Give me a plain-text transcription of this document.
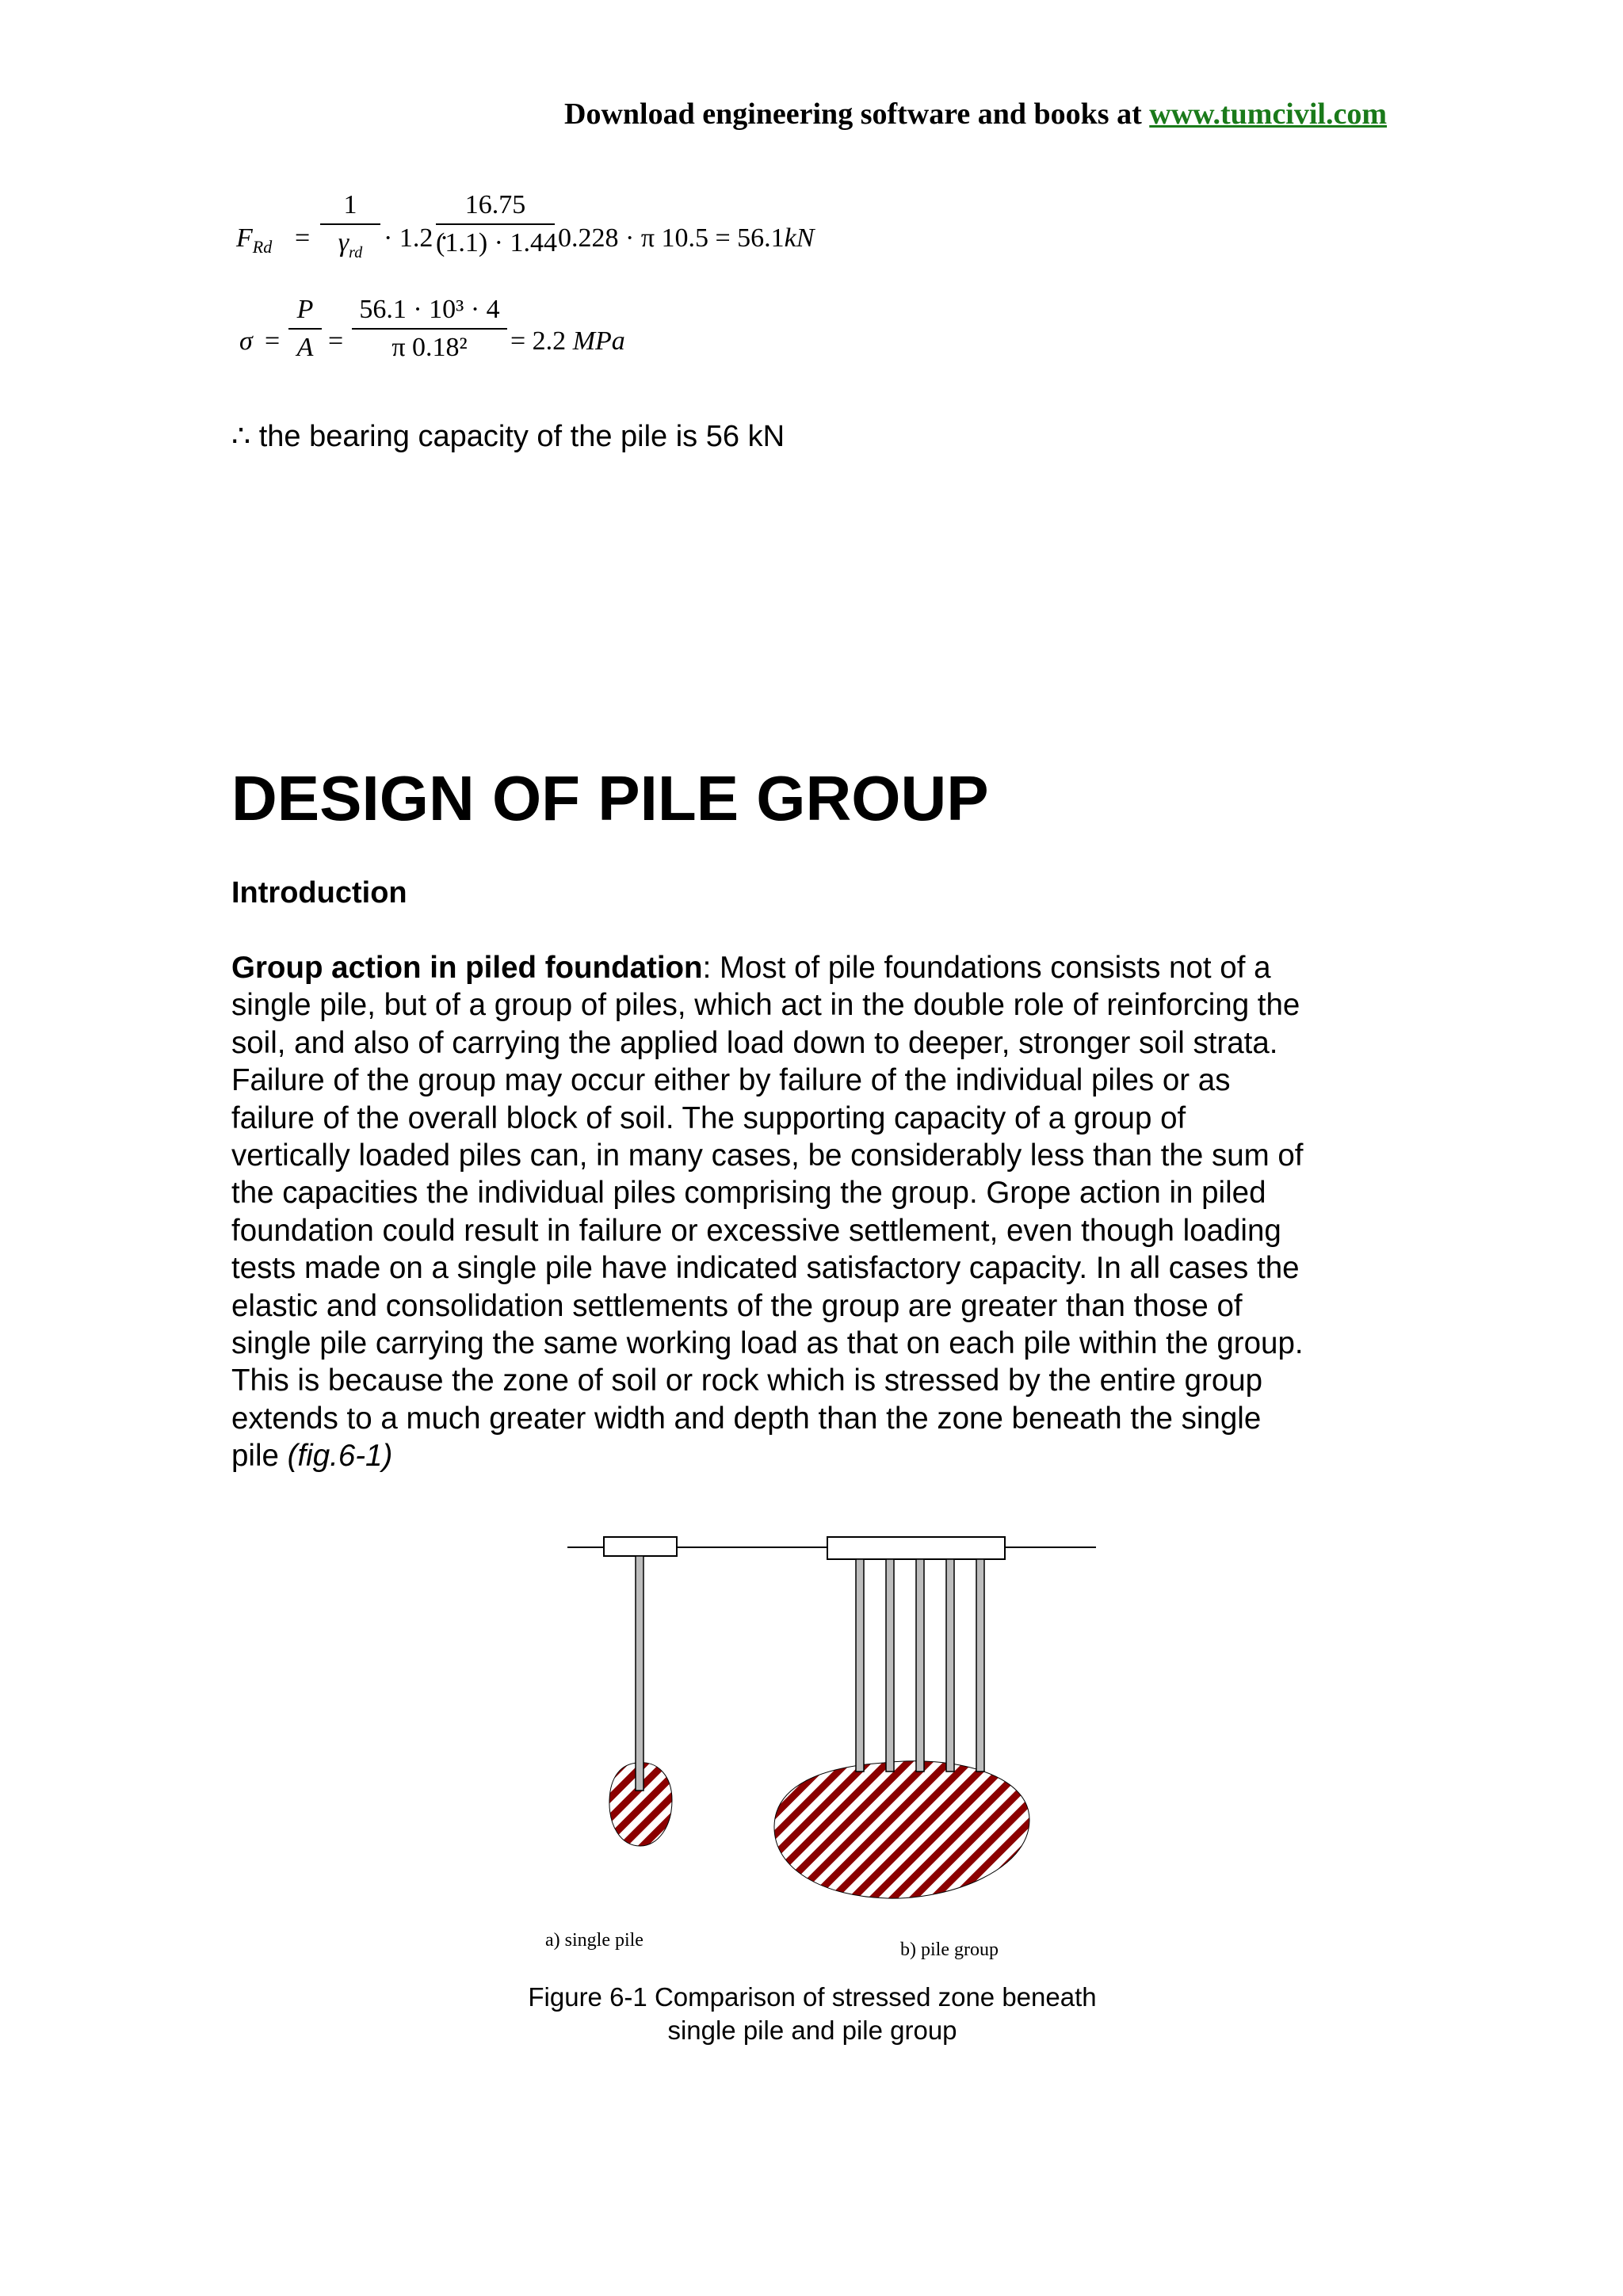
Download engineering software and books at www.tumcivil.com
$F_{Rd}$ =
1
$\gamma_{rd} \cdot 1.2$ ·
16.75
(1.1) · 1.44 0.228 · π 10.5 = 56.1kN
σ =
P
A =
56.1 · 10³ · 4
π 0.18²	= 2.2 MPa
∴ the bearing capacity of the pile is 56 kN
DESIGN OF PILE GROUP
Introduction
Group action in piled foundation: Most of pile foundations consists not of a
single pile, but of a group of piles, which act in the double role of reinforcing the
soil, and also of carrying the applied load down to deeper, stronger soil strata.
Failure of the group may occur either by failure of the individual piles or as
failure of the overall block of soil. The supporting capacity of a group of
vertically loaded piles can, in many cases, be considerably less than the sum of
the capacities the individual piles comprising the group. Grope action in piled
foundation could result in failure or excessive settlement, even though loading
tests made on a single pile have indicated satisfactory capacity. In all cases the
elastic and consolidation settlements of the group are greater than those of
single pile carrying the same working load as that on each pile within the group.
This is because the zone of soil or rock which is stressed by the entire group
extends to a much greater width and depth than the zone beneath the single
pile (fig.6-1)
a) single pile	b) pile group
Figure 6-1 Comparison of stressed zone beneath
single pile and pile group
